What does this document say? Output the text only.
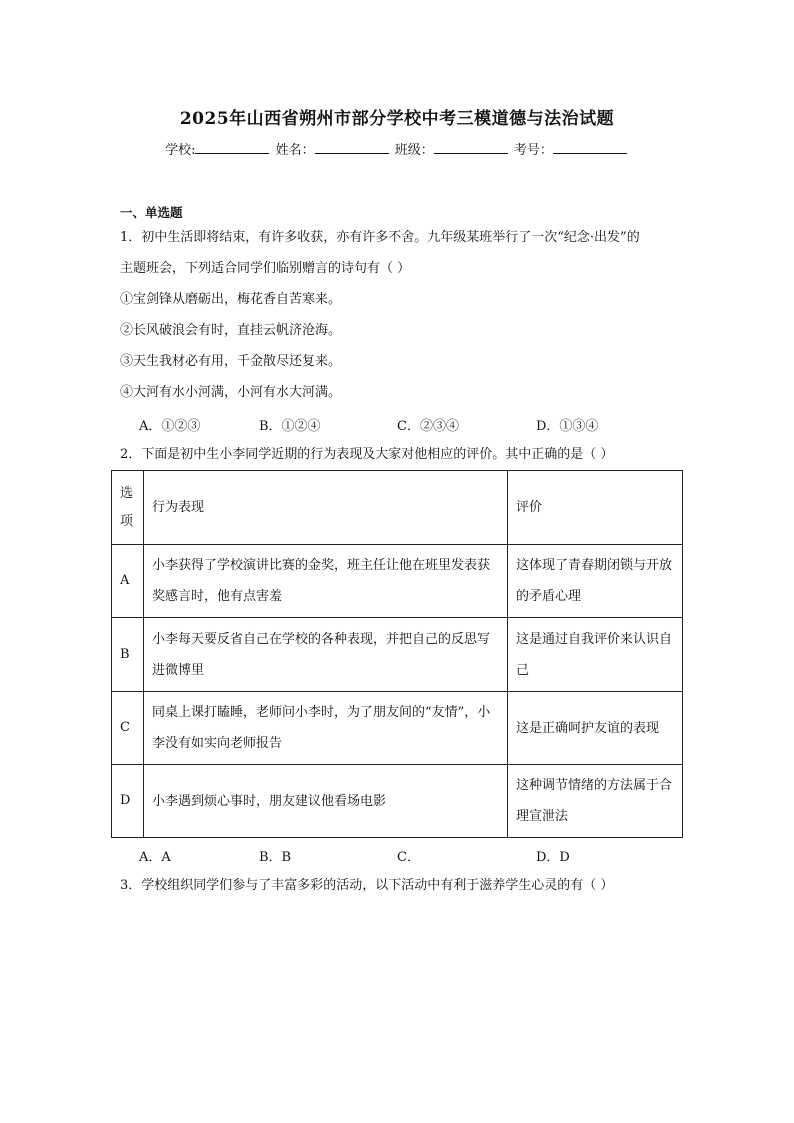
2025年山西省朔州市部分学校中考三模道德与法治试题
学校:	姓名：	班级：	考号：
一、单选题
1．初中生活即将结束，有许多收获，亦有许多不舍。九年级某班举行了一次“纪念·出发”的
主题班会，下列适合同学们临别赠言的诗句有（ ）
①宝剑锋从磨砺出，梅花香自苦寒来。
②长风破浪会有时，直挂云帆济沧海。
③天生我材必有用，千金散尽还复来。
④大河有水小河满，小河有水大河满。
A．①②③	B．①②④	C．②③④	D．①③④
2．下面是初中生小李同学近期的行为表现及大家对他相应的评价。其中正确的是（ ）
选项	行为表现	评价
A	小李获得了学校演讲比赛的金奖，班主任让他在班里发表获奖感言时，他有点害羞	这体现了青春期闭锁与开放的矛盾心理
B	小李每天要反省自己在学校的各种表现，并把自己的反思写进微博里	这是通过自我评价来认识自己
C	同桌上课打瞌睡，老师问小李时，为了朋友间的“友情”，小李没有如实向老师报告	这是正确呵护友谊的表现
D	小李遇到烦心事时，朋友建议他看场电影	这种调节情绪的方法属于合理宣泄法
A．A	B．B	C．	D．D
3．学校组织同学们参与了丰富多彩的活动，以下活动中有利于滋养学生心灵的有（ ）
